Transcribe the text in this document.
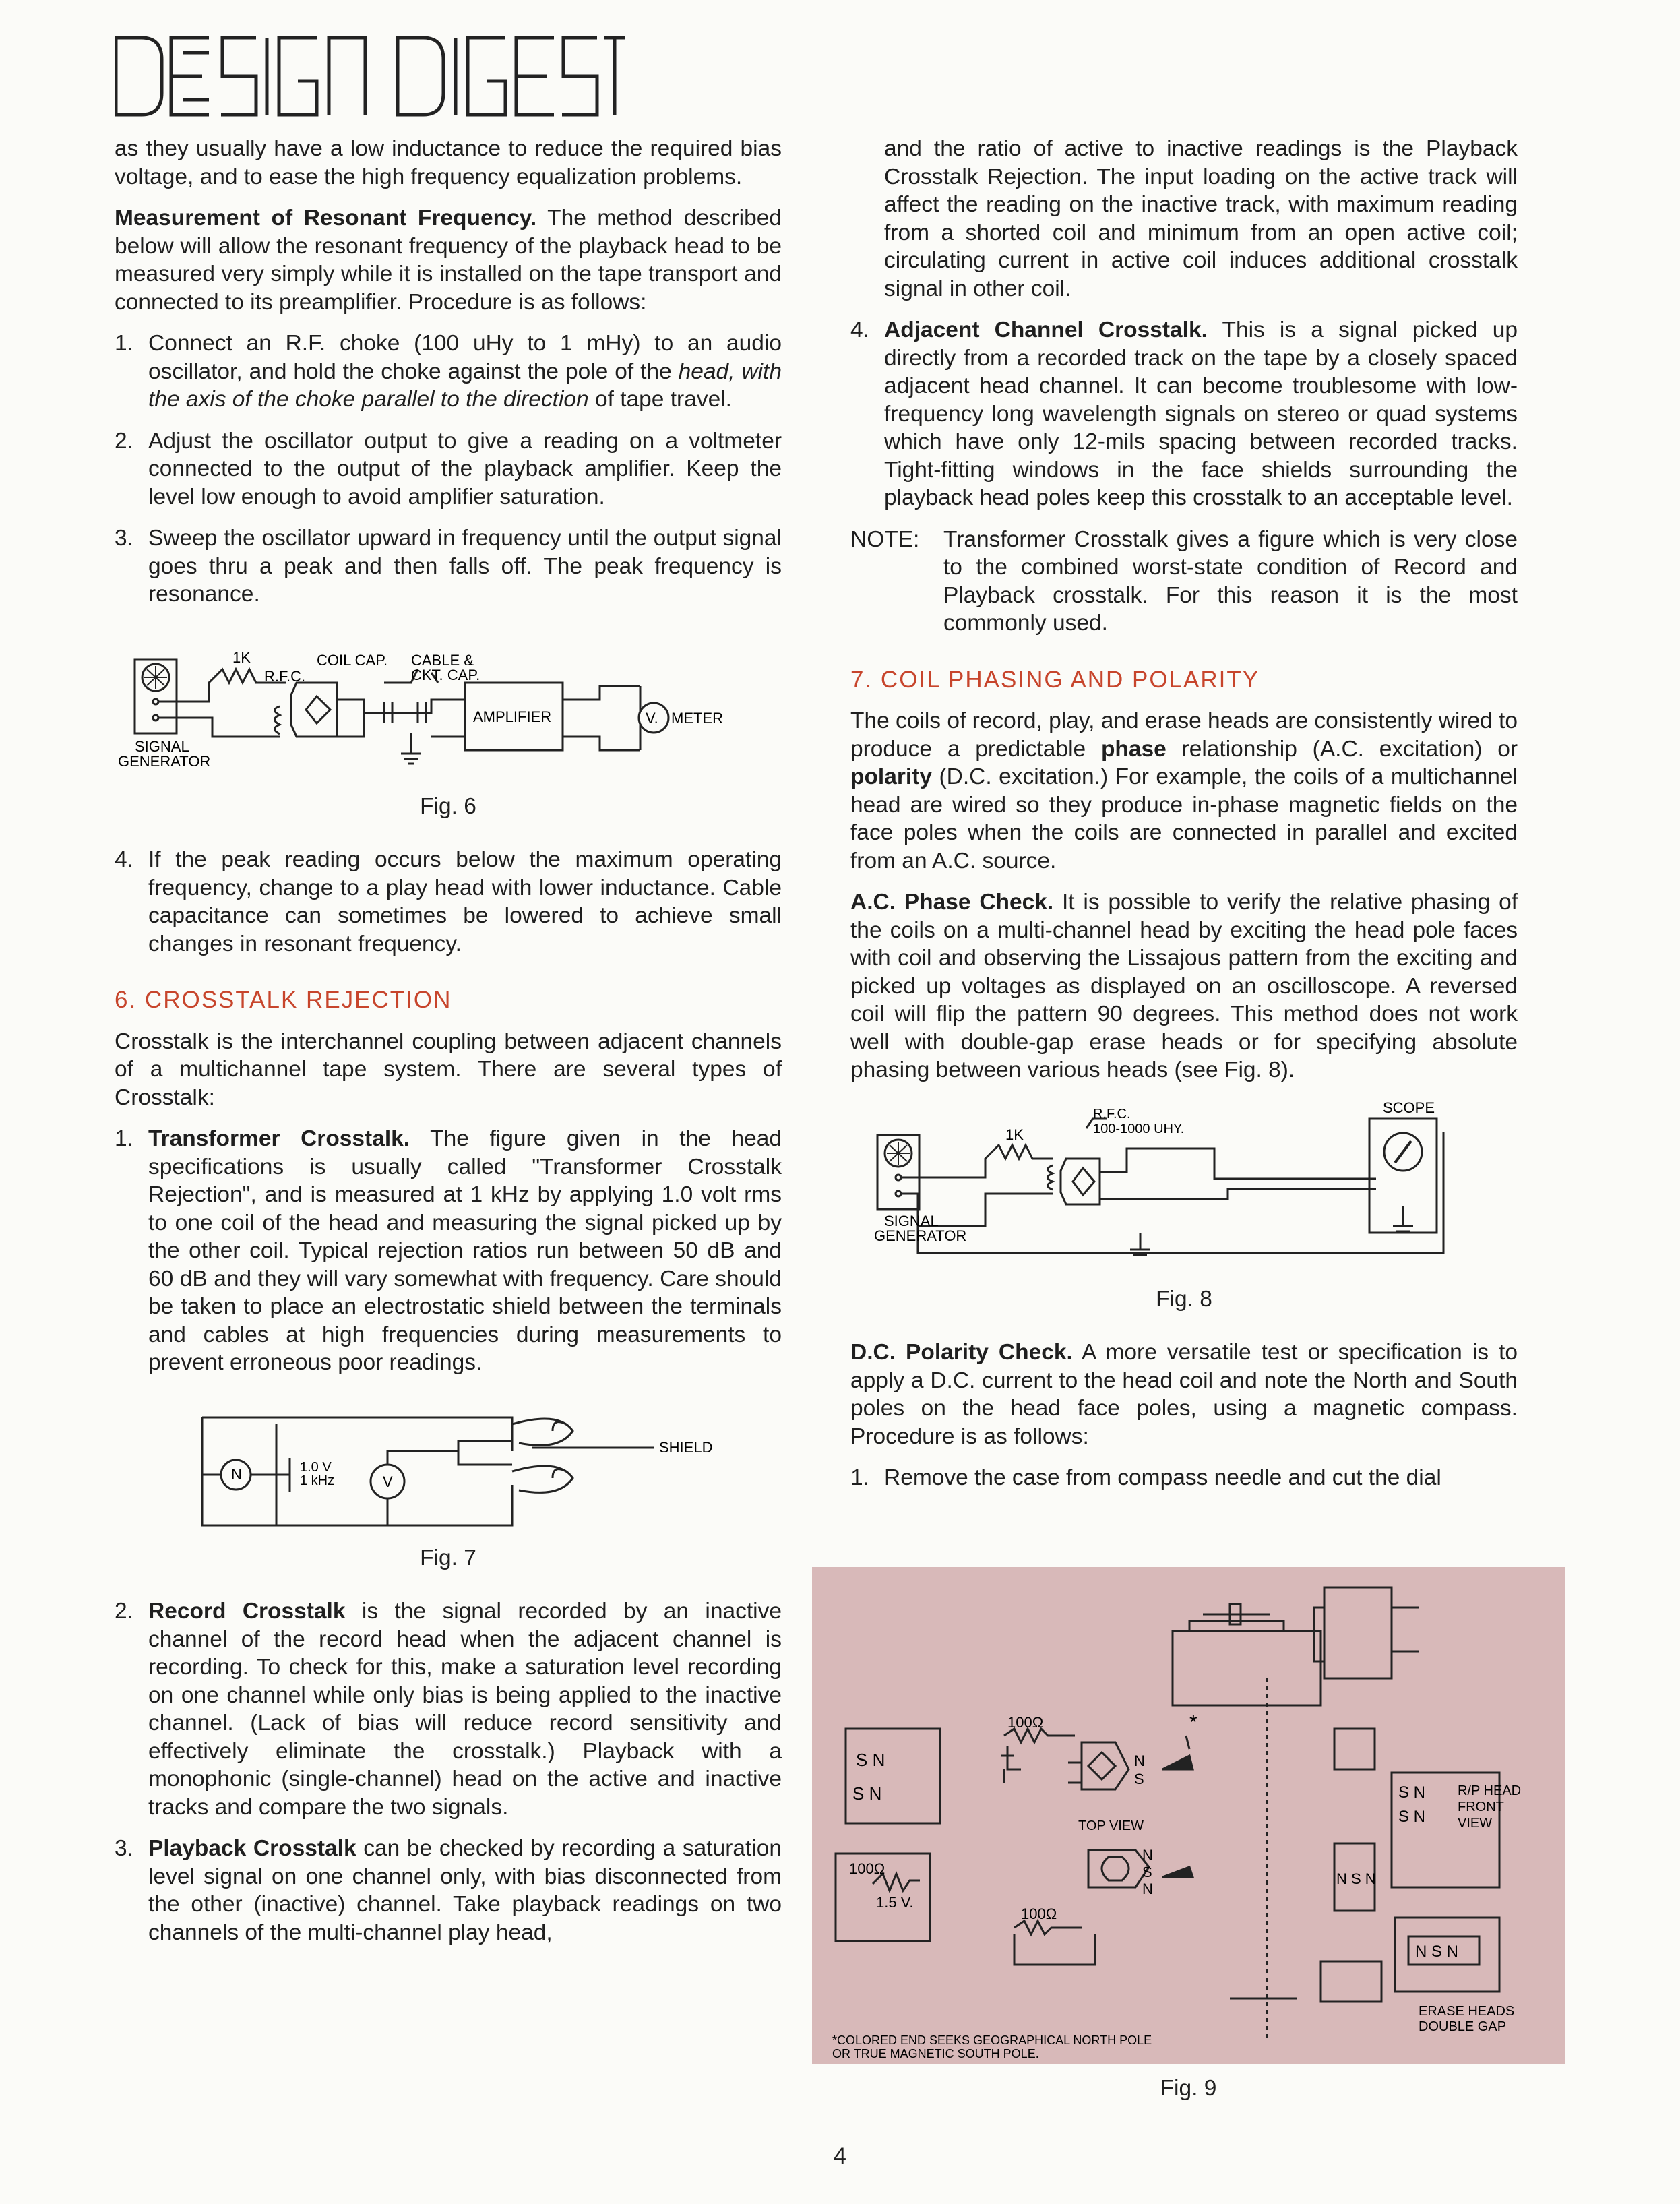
as they usually have a low inductance to reduce the required bias voltage, and to ease the high frequency equalization problems.

Measurement of Resonant Frequency. The method described below will allow the resonant frequency of the playback head to be measured very simply while it is installed on the tape transport and connected to its preamplifier. Procedure is as follows:

1. Connect an R.F. choke (100 uHy to 1 mHy) to an audio oscillator, and hold the choke against the pole of the head, with the axis of the choke parallel to the direction of tape travel.
2. Adjust the oscillator output to give a reading on a voltmeter connected to the output of the playback amplifier. Keep the level low enough to avoid amplifier saturation.
3. Sweep the oscillator upward in frequency until the output signal goes thru a peak and then falls off. The peak frequency is resonance.
1K
R.F.C.
COIL CAP. CABLE &
CKT. CAP.
AMPLIFIER	V. METER
SIGNAL
GENERATOR
Fig. 6
4. If the peak reading occurs below the maximum operating frequency, change to a play head with lower inductance. Cable capacitance can sometimes be lowered to achieve small changes in resonant frequency.
6. CROSSTALK REJECTION

Crosstalk is the interchannel coupling between adjacent channels of a multichannel tape system. There are several types of Crosstalk:

1. Transformer Crosstalk. The figure given in the head specifications is usually called "Transformer Crosstalk Rejection", and is measured at 1 kHz by applying 1.0 volt rms to one coil of the head and measuring the signal picked up by the other coil. Typical rejection ratios run between 50 dB and 60 dB and they will vary somewhat with frequency. Care should be taken to place an electrostatic shield between the terminals and cables at high frequencies during measurements to prevent erroneous poor readings.
N	1.0 V
1 kHz	V
SHIELD
Fig. 7
2. Record Crosstalk is the signal recorded by an inactive channel of the record head when the adjacent channel is recording. To check for this, make a saturation level recording on one channel while only bias is being applied to the inactive channel. (Lack of bias will reduce record sensitivity and effectively eliminate the crosstalk.) Playback with a monophonic (single-channel) head on the active and inactive tracks and compare the two signals.
3. Playback Crosstalk can be checked by recording a saturation level signal on one channel only, with bias disconnected from the other (inactive) channel. Take playback readings on two channels of the multi-channel play head,

and the ratio of active to inactive readings is the Playback Crosstalk Rejection. The input loading on the active track will affect the reading on the inactive track, with maximum reading from a shorted coil and minimum from an open active coil; circulating current in active coil induces additional crosstalk signal in other coil.

4. Adjacent Channel Crosstalk. This is a signal picked up directly from a recorded track on the tape by a closely spaced adjacent head channel. It can become troublesome with low-frequency long wavelength signals on stereo or quad systems which have only 12-mils spacing between recorded tracks. Tight-fitting windows in the face shields surrounding the playback head poles keep this crosstalk to an acceptable level.
NOTE: Transformer Crosstalk gives a figure which is very close to the combined worst-state condition of Record and Playback crosstalk. For this reason it is the most commonly used.
7. COIL PHASING AND POLARITY

The coils of record, play, and erase heads are consistently wired to produce a predictable phase relationship (A.C. excitation) or polarity (D.C. excitation.) For example, the coils of a multichannel head are wired so they produce in-phase magnetic fields on the face poles when the coils are connected in parallel and excited from an A.C. source.

A.C. Phase Check. It is possible to verify the relative phasing of the coils on a multi-channel head by exciting the head pole faces with coil and observing the Lissajous pattern from the exciting and picked up voltages as displayed on an oscilloscope. A reversed coil will flip the pattern 90 degrees. This method does not work well with double-gap erase heads or for specifying absolute phasing between various heads (see Fig. 8).

R.F.C.
100-1000 UHY.
1K
SCOPE
SIGNAL
GENERATOR
Fig. 8

D.C. Polarity Check. A more versatile test or specification is to apply a D.C. current to the head coil and note the North and South poles on the head face poles, using a magnetic compass. Procedure is as follows:

1. Remove the case from compass needle and cut the dial
S N
S N
100Ω
100Ω
100Ω
1.5 V.
*
N
S
N
S
N
TOP VIEW
S N
S N
R/P HEAD
FRONT
VIEW
N S N
N S N
ERASE HEADS
DOUBLE GAP
*COLORED END SEEKS GEOGRAPHICAL NORTH POLE
OR TRUE MAGNETIC SOUTH POLE.
Fig. 9
4
